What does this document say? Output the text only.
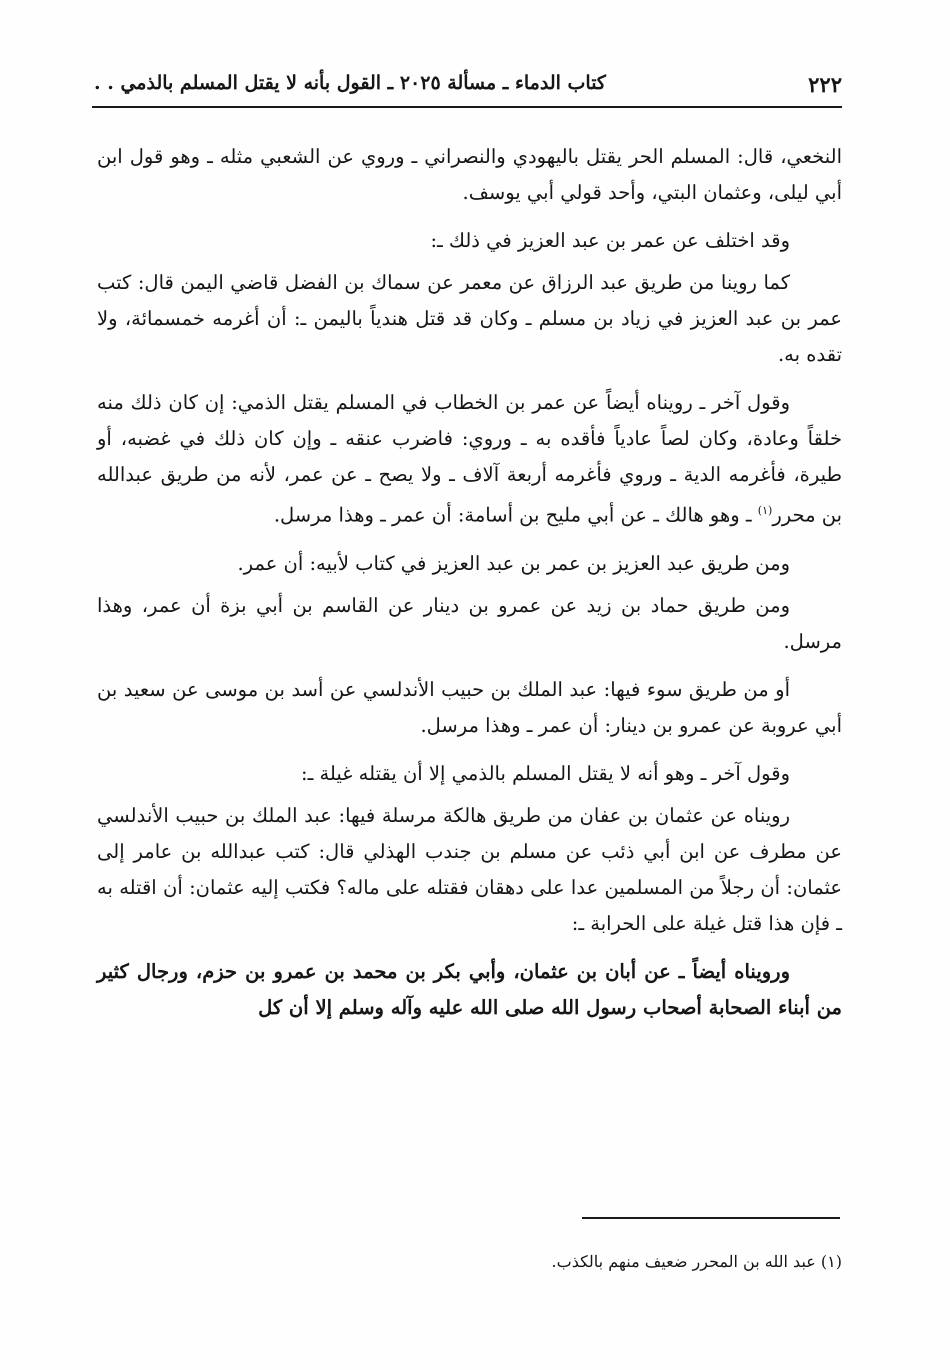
٢٢٢
كتاب الدماء ـ مسألة ٢٠٢٥ ـ القول بأنه لا يقتل المسلم بالذمي . .

النخعي، قال: المسلم الحر يقتل باليهودي والنصراني ـ وروي عن الشعبي مثله ـ وهو قول ابن أبي ليلى، وعثمان البتي، وأحد قولي أبي يوسف.

وقد اختلف عن عمر بن عبد العزيز في ذلك ـ:

كما روينا من طريق عبد الرزاق عن معمر عن سماك بن الفضل قاضي اليمن قال: كتب عمر بن عبد العزيز في زياد بن مسلم ـ وكان قد قتل هندياً باليمن ـ: أن أغرمه خمسمائة، ولا تقده به.

وقول آخر ـ رويناه أيضاً عن عمر بن الخطاب في المسلم يقتل الذمي: إن كان ذلك منه خلقاً وعادة، وكان لصاً عادياً فأقده به ـ وروي: فاضرب عنقه ـ وإن كان ذلك في غضبه، أو طيرة، فأغرمه الدية ـ وروي فأغرمه أربعة آلاف ـ ولا يصح ـ عن عمر، لأنه من طريق عبدالله بن محرر$^{(١)}$ ـ وهو هالك ـ عن أبي مليح بن أسامة: أن عمر ـ وهذا مرسل.

ومن طريق عبد العزيز بن عمر بن عبد العزيز في كتاب لأبيه: أن عمر.

ومن طريق حماد بن زيد عن عمرو بن دينار عن القاسم بن أبي بزة أن عمر، وهذا مرسل.

أو من طريق سوء فيها: عبد الملك بن حبيب الأندلسي عن أسد بن موسى عن سعيد بن أبي عروبة عن عمرو بن دينار: أن عمر ـ وهذا مرسل.

وقول آخر ـ وهو أنه لا يقتل المسلم بالذمي إلا أن يقتله غيلة ـ:

رويناه عن عثمان بن عفان من طريق هالكة مرسلة فيها: عبد الملك بن حبيب الأندلسي عن مطرف عن ابن أبي ذئب عن مسلم بن جندب الهذلي قال: كتب عبدالله بن عامر إلى عثمان: أن رجلاً من المسلمين عدا على دهقان فقتله على ماله؟ فكتب إليه عثمان: أن اقتله به ـ فإن هذا قتل غيلة على الحرابة ـ:

ورويناه أيضاً ـ عن أبان بن عثمان، وأبي بكر بن محمد بن عمرو بن حزم، ورجال كثير من أبناء الصحابة أصحاب رسول الله صلى الله عليه وآله وسلم إلا أن كل

(١) عبد الله بن المحرر ضعيف منهم بالكذب.
